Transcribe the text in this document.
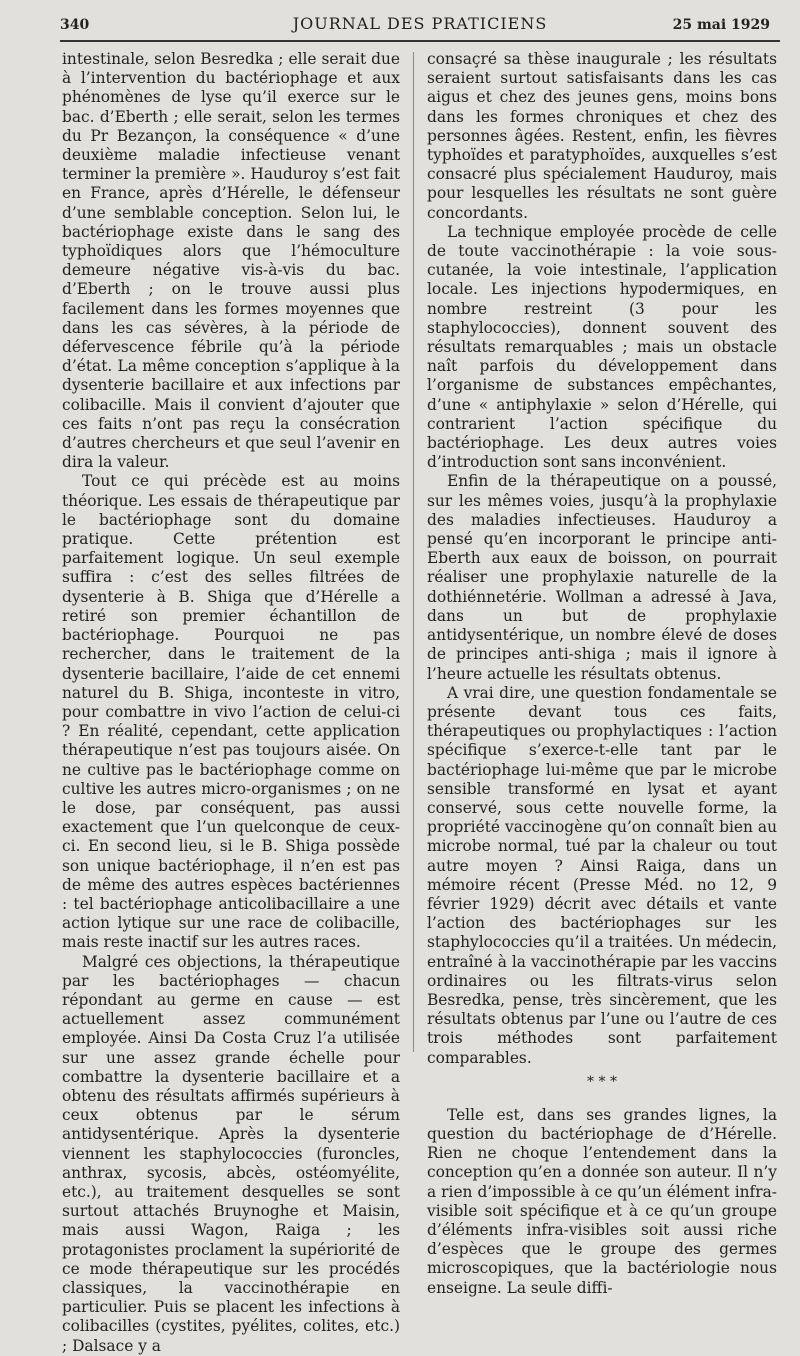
340	JOURNAL DES PRATICIENS	25 mai 1929

intestinale, selon Besredka ; elle serait due à l’intervention du bactériophage et aux phénomènes de lyse qu’il exerce sur le bac. d’Eberth ; elle serait, selon les termes du Pr Bezançon, la conséquence « d’une deuxième maladie infectieuse venant terminer la première ». Hauduroy s’est fait en France, après d’Hérelle, le défenseur d’une semblable conception. Selon lui, le bactériophage existe dans le sang des typhoïdiques alors que l’hémoculture demeure négative vis-à-vis du bac. d’Eberth ; on le trouve aussi plus facilement dans les formes moyennes que dans les cas sévères, à la période de défervescence fébrile qu’à la période d’état. La même conception s’applique à la dysenterie bacillaire et aux infections par colibacille. Mais il convient d’ajouter que ces faits n’ont pas reçu la consécration d’autres chercheurs et que seul l’avenir en dira la valeur.

Tout ce qui précède est au moins théorique. Les essais de thérapeutique par le bactériophage sont du domaine pratique. Cette prétention est parfaitement logique. Un seul exemple suffira : c’est des selles filtrées de dysenterie à B. Shiga que d’Hérelle a retiré son premier échantillon de bactériophage. Pourquoi ne pas rechercher, dans le traitement de la dysenterie bacillaire, l’aide de cet ennemi naturel du B. Shiga, inconteste in vitro, pour combattre in vivo l’action de celui-ci ? En réalité, cependant, cette application thérapeutique n’est pas toujours aisée. On ne cultive pas le bactériophage comme on cultive les autres micro-organismes ; on ne le dose, par conséquent, pas aussi exactement que l’un quelconque de ceux-ci. En second lieu, si le B. Shiga possède son unique bactériophage, il n’en est pas de même des autres espèces bactériennes : tel bactériophage anticolibacillaire a une action lytique sur une race de colibacille, mais reste inactif sur les autres races.

Malgré ces objections, la thérapeutique par les bactériophages — chacun répondant au germe en cause — est actuellement assez communément employée. Ainsi Da Costa Cruz l’a utilisée sur une assez grande échelle pour combattre la dysenterie bacillaire et a obtenu des résultats affirmés supérieurs à ceux obtenus par le sérum antidysentérique. Après la dysenterie viennent les staphylococcies (furoncles, anthrax, sycosis, abcès, ostéomyélite, etc.), au traitement desquelles se sont surtout attachés Bruynoghe et Maisin, mais aussi Wagon, Raiga ; les protagonistes proclament la supériorité de ce mode thérapeutique sur les procédés classiques, la vaccinothérapie en particulier. Puis se placent les infections à colibacilles (cystites, pyélites, colites, etc.) ; Dalsace y a

consaçré sa thèse inaugurale ; les résultats seraient surtout satisfaisants dans les cas aigus et chez des jeunes gens, moins bons dans les formes chroniques et chez des personnes âgées. Restent, enfin, les fièvres typhoïdes et paratyphoïdes, auxquelles s’est consacré plus spécialement Hauduroy, mais pour lesquelles les résultats ne sont guère concordants.

La technique employée procède de celle de toute vaccinothérapie : la voie sous-cutanée, la voie intestinale, l’application locale. Les injections hypodermiques, en nombre restreint (3 pour les staphylococcies), donnent souvent des résultats remarquables ; mais un obstacle naît parfois du développement dans l’organisme de substances empêchantes, d’une « antiphylaxie » selon d’Hérelle, qui contrarient l’action spécifique du bactériophage. Les deux autres voies d’introduction sont sans inconvénient.

Enfin de la thérapeutique on a poussé, sur les mêmes voies, jusqu’à la prophylaxie des maladies infectieuses. Hauduroy a pensé qu’en incorporant le principe anti-Eberth aux eaux de boisson, on pourrait réaliser une prophylaxie naturelle de la dothiénnetérie. Wollman a adressé à Java, dans un but de prophylaxie antidysentérique, un nombre élevé de doses de principes anti-shiga ; mais il ignore à l’heure actuelle les résultats obtenus.

A vrai dire, une question fondamentale se présente devant tous ces faits, thérapeutiques ou prophylactiques : l’action spécifique s’exerce-t-elle tant par le bactériophage lui-même que par le microbe sensible transformé en lysat et ayant conservé, sous cette nouvelle forme, la propriété vaccinogène qu’on connaît bien au microbe normal, tué par la chaleur ou tout autre moyen ? Ainsi Raiga, dans un mémoire récent (Presse Méd. no 12, 9 février 1929) décrit avec détails et vante l’action des bactériophages sur les staphylococcies qu’il a traitées. Un médecin, entraîné à la vaccinothérapie par les vaccins ordinaires ou les filtrats-virus selon Besredka, pense, très sincèrement, que les résultats obtenus par l’une ou l’autre de ces trois méthodes sont parfaitement comparables.

* * *

Telle est, dans ses grandes lignes, la question du bactériophage de d’Hérelle. Rien ne choque l’entendement dans la conception qu’en a donnée son auteur. Il n’y a rien d’impossible à ce qu’un élément infra-visible soit spécifique et à ce qu’un groupe d’éléments infra-visibles soit aussi riche d’espèces que le groupe des germes microscopiques, que la bactériologie nous enseigne. La seule diffi-
